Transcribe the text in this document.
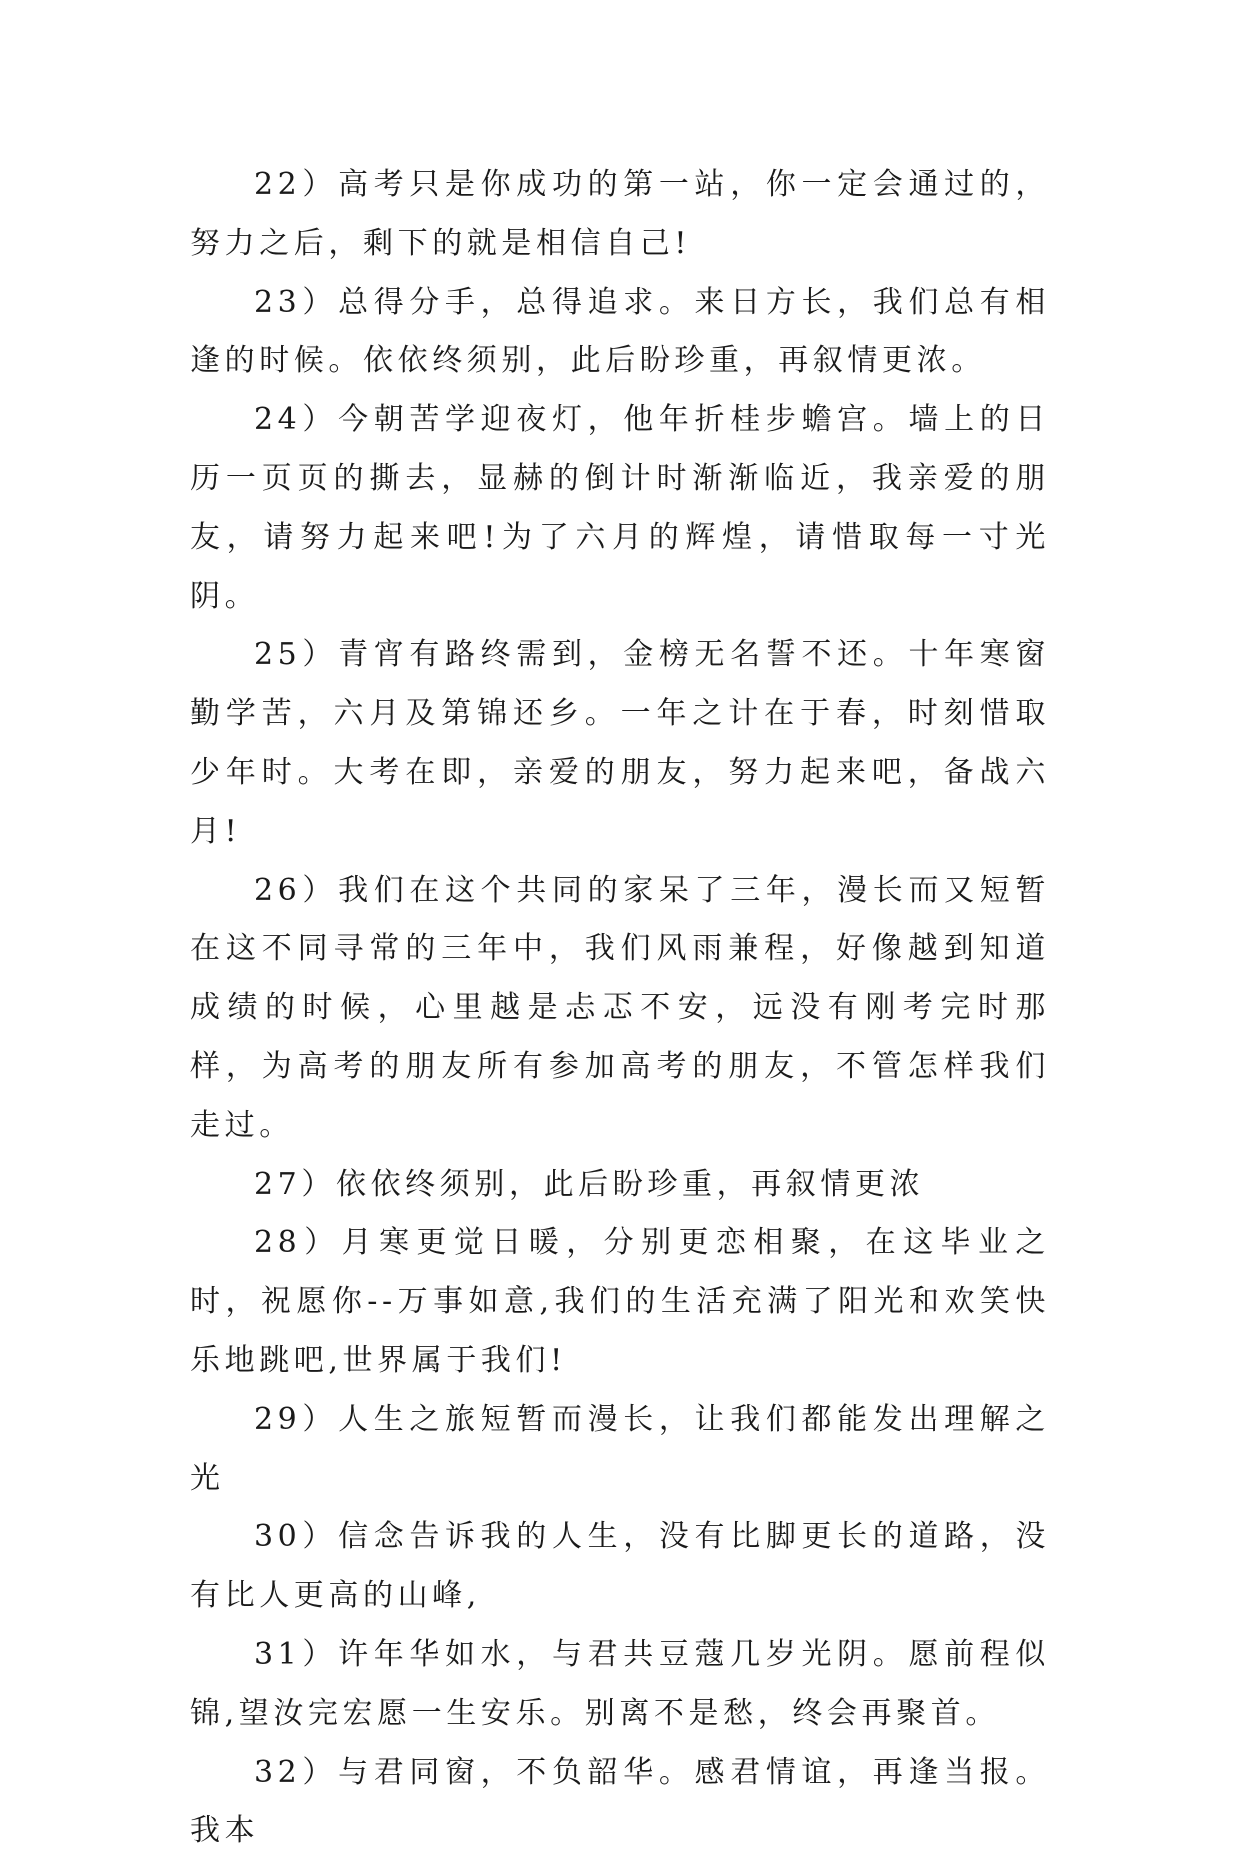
22）高考只是你成功的第一站，你一定会通过的，努力之后，剩下的就是相信自己!

23）总得分手，总得追求。来日方长，我们总有相逢的时候。依依终须别，此后盼珍重，再叙情更浓。

24）今朝苦学迎夜灯，他年折桂步蟾宫。墙上的日历一页页的撕去，显赫的倒计时渐渐临近，我亲爱的朋友，请努力起来吧!为了六月的辉煌，请惜取每一寸光阴。

25）青宵有路终需到，金榜无名誓不还。十年寒窗勤学苦，六月及第锦还乡。一年之计在于春，时刻惜取少年时。大考在即，亲爱的朋友，努力起来吧，备战六月!

26）我们在这个共同的家呆了三年，漫长而又短暂在这不同寻常的三年中，我们风雨兼程，好像越到知道成绩的时候，心里越是忐忑不安，远没有刚考完时那样，为高考的朋友所有参加高考的朋友，不管怎样我们走过。

27）依依终须别，此后盼珍重，再叙情更浓

28）月寒更觉日暖，分别更恋相聚，在这毕业之时，祝愿你--万事如意,我们的生活充满了阳光和欢笑快乐地跳吧,世界属于我们!

29）人生之旅短暂而漫长，让我们都能发出理解之光

30）信念告诉我的人生，没有比脚更长的道路，没有比人更高的山峰,

31）许年华如水，与君共豆蔻几岁光阴。愿前程似锦,望汝完宏愿一生安乐。别离不是愁，终会再聚首。

32）与君同窗，不负韶华。感君情谊，再逢当报。我本
